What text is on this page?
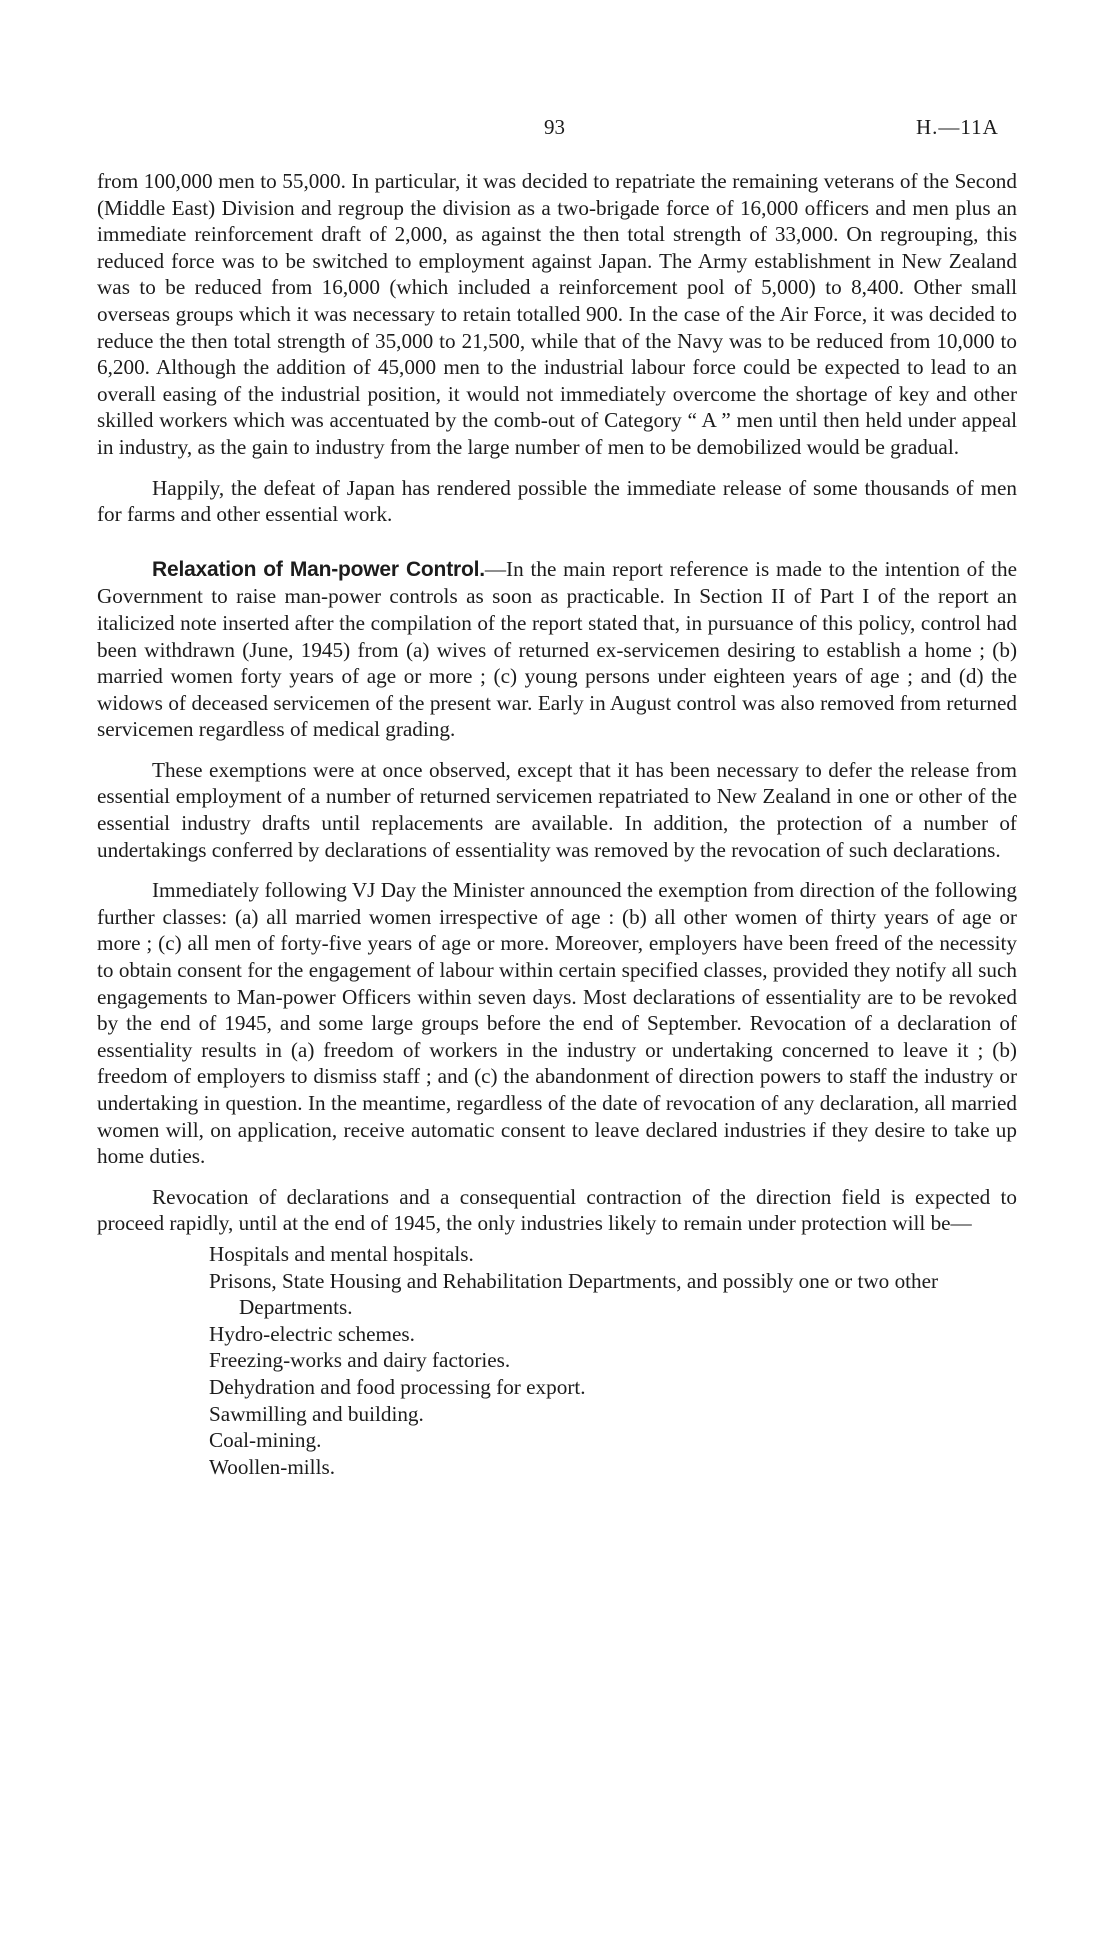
93	H.—11A

from 100,000 men to 55,000. In particular, it was decided to repatriate the remaining veterans of the Second (Middle East) Division and regroup the division as a two-brigade force of 16,000 officers and men plus an immediate reinforcement draft of 2,000, as against the then total strength of 33,000. On regrouping, this reduced force was to be switched to employment against Japan. The Army establishment in New Zealand was to be reduced from 16,000 (which included a reinforcement pool of 5,000) to 8,400. Other small overseas groups which it was necessary to retain totalled 900. In the case of the Air Force, it was decided to reduce the then total strength of 35,000 to 21,500, while that of the Navy was to be reduced from 10,000 to 6,200. Although the addition of 45,000 men to the industrial labour force could be expected to lead to an overall easing of the industrial position, it would not immediately overcome the shortage of key and other skilled workers which was accentuated by the comb-out of Category “ A ” men until then held under appeal in industry, as the gain to industry from the large number of men to be demobilized would be gradual.

Happily, the defeat of Japan has rendered possible the immediate release of some thousands of men for farms and other essential work.

Relaxation of Man-power Control.—In the main report reference is made to the intention of the Government to raise man-power controls as soon as practicable. In Section II of Part I of the report an italicized note inserted after the compilation of the report stated that, in pursuance of this policy, control had been withdrawn (June, 1945) from (a) wives of returned ex-servicemen desiring to establish a home ; (b) married women forty years of age or more ; (c) young persons under eighteen years of age ; and (d) the widows of deceased servicemen of the present war. Early in August control was also removed from returned servicemen regardless of medical grading.

These exemptions were at once observed, except that it has been necessary to defer the release from essential employment of a number of returned servicemen repatriated to New Zealand in one or other of the essential industry drafts until replacements are available. In addition, the protection of a number of undertakings conferred by declarations of essentiality was removed by the revocation of such declarations.

Immediately following VJ Day the Minister announced the exemption from direction of the following further classes: (a) all married women irrespective of age : (b) all other women of thirty years of age or more ; (c) all men of forty-five years of age or more. Moreover, employers have been freed of the necessity to obtain consent for the engagement of labour within certain specified classes, provided they notify all such engagements to Man-power Officers within seven days. Most declarations of essentiality are to be revoked by the end of 1945, and some large groups before the end of September. Revocation of a declaration of essentiality results in (a) freedom of workers in the industry or undertaking concerned to leave it ; (b) freedom of employers to dismiss staff ; and (c) the abandonment of direction powers to staff the industry or undertaking in question. In the meantime, regardless of the date of revocation of any declaration, all married women will, on application, receive automatic consent to leave declared industries if they desire to take up home duties.

Revocation of declarations and a consequential contraction of the direction field is expected to proceed rapidly, until at the end of 1945, the only industries likely to remain under protection will be—

Hospitals and mental hospitals.
Prisons, State Housing and Rehabilitation Departments, and possibly one or two other Departments.
Hydro-electric schemes.
Freezing-works and dairy factories.
Dehydration and food processing for export.
Sawmilling and building.
Coal-mining.
Woollen-mills.
